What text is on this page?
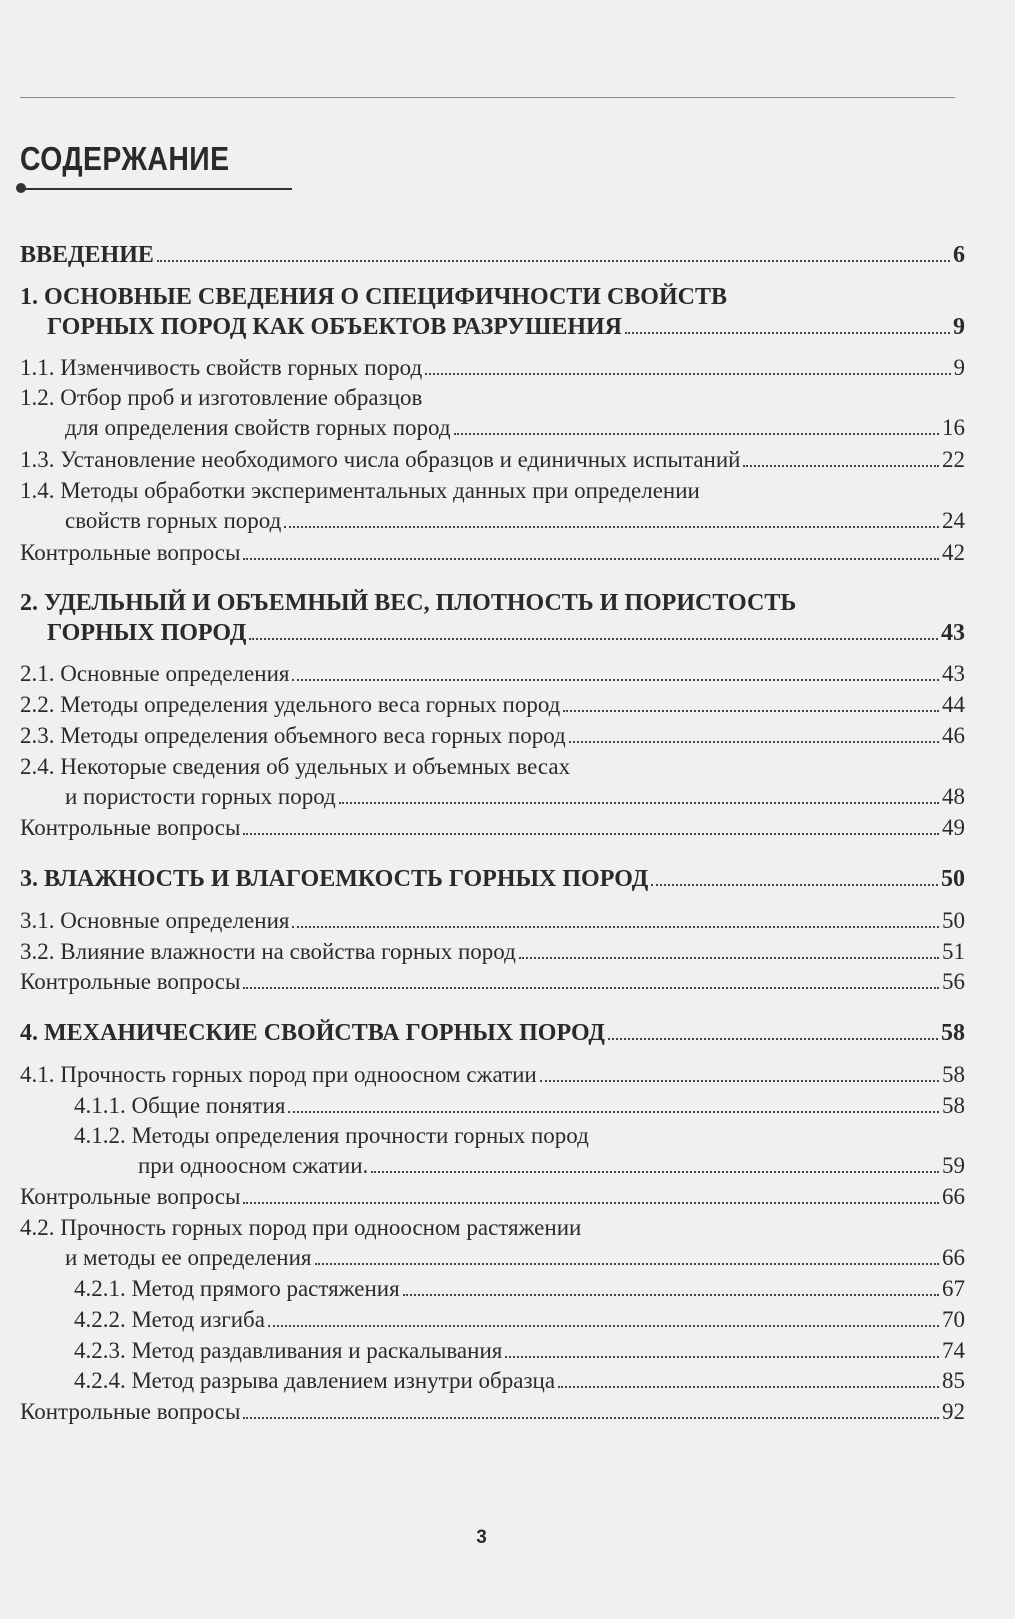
СОДЕРЖАНИЕ
ВВЕДЕНИЕ	6
1. ОСНОВНЫЕ СВЕДЕНИЯ О СПЕЦИФИЧНОСТИ СВОЙСТВ
ГОРНЫХ ПОРОД КАК ОБЪЕКТОВ РАЗРУШЕНИЯ	9
1.1. Изменчивость свойств горных пород	9
1.2. Отбор проб и изготовление образцов
для определения свойств горных пород	16
1.3. Установление необходимого числа образцов и единичных испытаний	22
1.4. Методы обработки экспериментальных данных при определении
свойств горных пород	24
Контрольные вопросы	42
2. УДЕЛЬНЫЙ И ОБЪЕМНЫЙ ВЕС, ПЛОТНОСТЬ И ПОРИСТОСТЬ
ГОРНЫХ ПОРОД	43
2.1. Основные определения	43
2.2. Методы определения удельного веса горных пород	44
2.3. Методы определения объемного веса горных пород	46
2.4. Некоторые сведения об удельных и объемных весах
и пористости горных пород	48
Контрольные вопросы	49
3. ВЛАЖНОСТЬ И ВЛАГОЕМКОСТЬ ГОРНЫХ ПОРОД	50
3.1. Основные определения	50
3.2. Влияние влажности на свойства горных пород	51
Контрольные вопросы	56
4. МЕХАНИЧЕСКИЕ СВОЙСТВА ГОРНЫХ ПОРОД	58
4.1. Прочность горных пород при одноосном сжатии	58
4.1.1. Общие понятия	58
4.1.2. Методы определения прочности горных пород
при одноосном сжатии.	59
Контрольные вопросы	66
4.2. Прочность горных пород при одноосном растяжении
и методы ее определения	66
4.2.1. Метод прямого растяжения	67
4.2.2. Метод изгиба	70
4.2.3. Метод раздавливания и раскалывания	74
4.2.4. Метод разрыва давлением изнутри образца	85
Контрольные вопросы	92
3
